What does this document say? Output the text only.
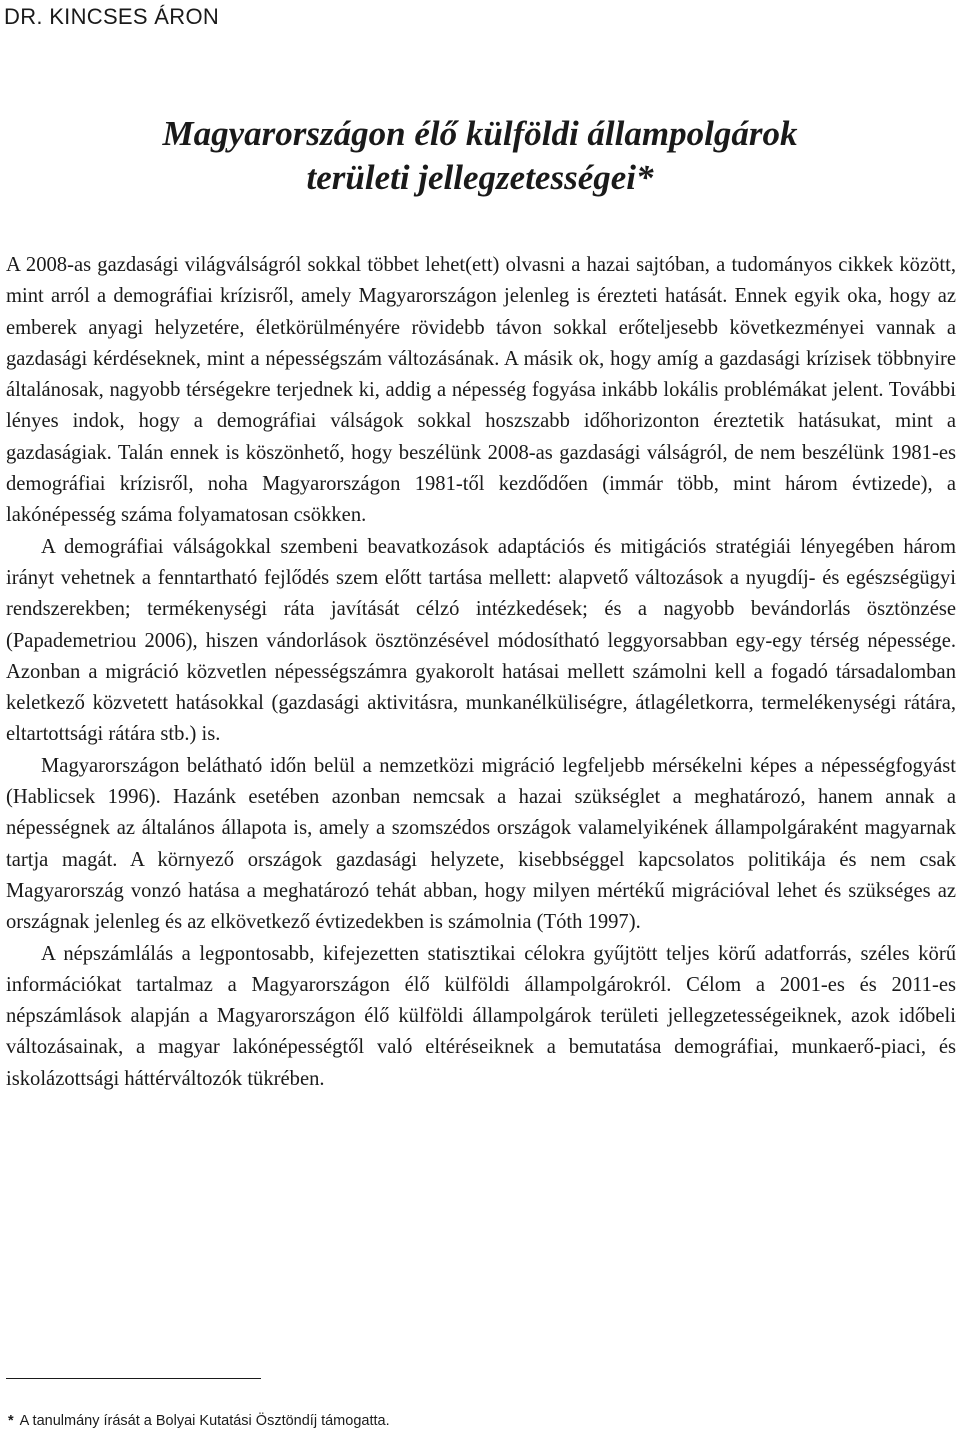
DR. KINCSES ÁRON
Magyarországon élő külföldi állampolgárok
területi jellegzetességei*

A 2008-as gazdasági világválságról sokkal többet lehet(ett) olvasni a hazai sajtóban, a tudományos cikkek között, mint arról a demográfiai krízisről, amely Magyarországon jelenleg is érezteti hatását. Ennek egyik oka, hogy az emberek anyagi helyzetére, életkörülményére rövidebb távon sokkal erőteljesebb következményei vannak a gazdasági kérdéseknek, mint a népességszám változásának. A másik ok, hogy amíg a gazdasági krízisek többnyire általánosak, nagyobb térségekre terjednek ki, addig a népesség fogyása inkább lokális problémákat jelent. További lényes indok, hogy a demográfiai válságok sokkal hoszszabb időhorizonton éreztetik hatásukat, mint a gazdaságiak. Talán ennek is köszönhető, hogy beszélünk 2008-as gazdasági válságról, de nem beszélünk 1981-es demográfiai krízisről, noha Magyarországon 1981-től kezdődően (immár több, mint három évtizede), a lakónépesség száma folyamatosan csökken.

A demográfiai válságokkal szembeni beavatkozások adaptációs és mitigációs stratégiái lényegében három irányt vehetnek a fenntartható fejlődés szem előtt tartása mellett: alapvető változások a nyugdíj- és egészségügyi rendszerekben; termékenységi ráta javítását célzó intézkedések; és a nagyobb bevándorlás ösztönzése (Papademetriou 2006), hiszen vándorlások ösztönzésével módosítható leggyorsabban egy-egy térség népessége. Azonban a migráció közvetlen népességszámra gyakorolt hatásai mellett számolni kell a fogadó társadalomban keletkező közvetett hatásokkal (gazdasági aktivitásra, munkanélküliségre, átlagéletkorra, termelékenységi rátára, eltartottsági rátára stb.) is.

Magyarországon belátható időn belül a nemzetközi migráció legfeljebb mérsékelni képes a népességfogyást (Hablicsek 1996). Hazánk esetében azonban nemcsak a hazai szükséglet a meghatározó, hanem annak a népességnek az általános állapota is, amely a szomszédos országok valamelyikének állampolgáraként magyarnak tartja magát. A környező országok gazdasági helyzete, kisebbséggel kapcsolatos politikája és nem csak Magyarország vonzó hatása a meghatározó tehát abban, hogy milyen mértékű migrációval lehet és szükséges az országnak jelenleg és az elkövetkező évtizedekben is számolnia (Tóth 1997).

A népszámlálás a legpontosabb, kifejezetten statisztikai célokra gyűjtött teljes körű adatforrás, széles körű információkat tartalmaz a Magyarországon élő külföldi állampolgárokról. Célom a 2001-es és 2011-es népszámlások alapján a Magyarországon élő külföldi állampolgárok területi jellegzetességeiknek, azok időbeli változásainak, a magyar lakónépességtől való eltéréseiknek a bemutatása demográfiai, munkaerő-piaci, és iskolázottsági háttérváltozók tükrében.

* A tanulmány írását a Bolyai Kutatási Ösztöndíj támogatta.
